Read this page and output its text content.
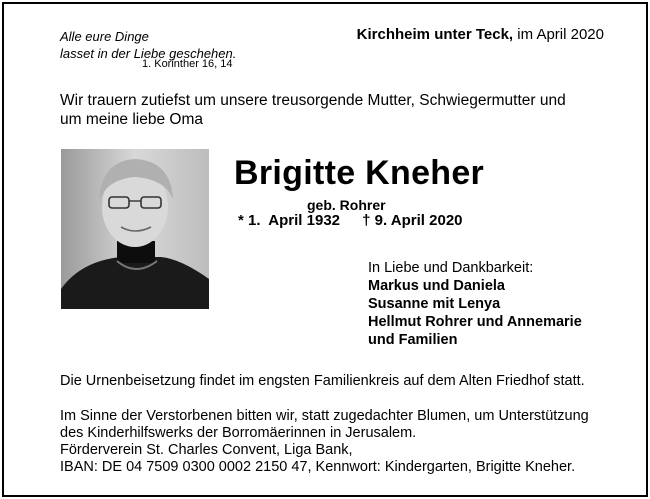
Alle eure Dinge
lasset in der Liebe geschehen.
1. Korinther 16, 14
Kirchheim unter Teck, im April 2020
Wir trauern zutiefst um unsere treusorgende Mutter, Schwiegermutter und
um meine liebe Oma
Brigitte Kneher
geb. Rohrer
* 1.  April 1932 † 9. April 2020
In Liebe und Dankbarkeit:
Markus und Daniela
Susanne mit Lenya
Hellmut Rohrer und Annemarie
und Familien
Die Urnenbeisetzung findet im engsten Familienkreis auf dem Alten Friedhof statt.
Im Sinne der Verstorbenen bitten wir, statt zugedachter Blumen, um Unterstützung
des Kinderhilfswerks der Borromäerinnen in Jerusalem.
Förderverein St. Charles Convent, Liga Bank,
IBAN: DE 04 7509 0300 0002 2150 47, Kennwort: Kindergarten, Brigitte Kneher.
